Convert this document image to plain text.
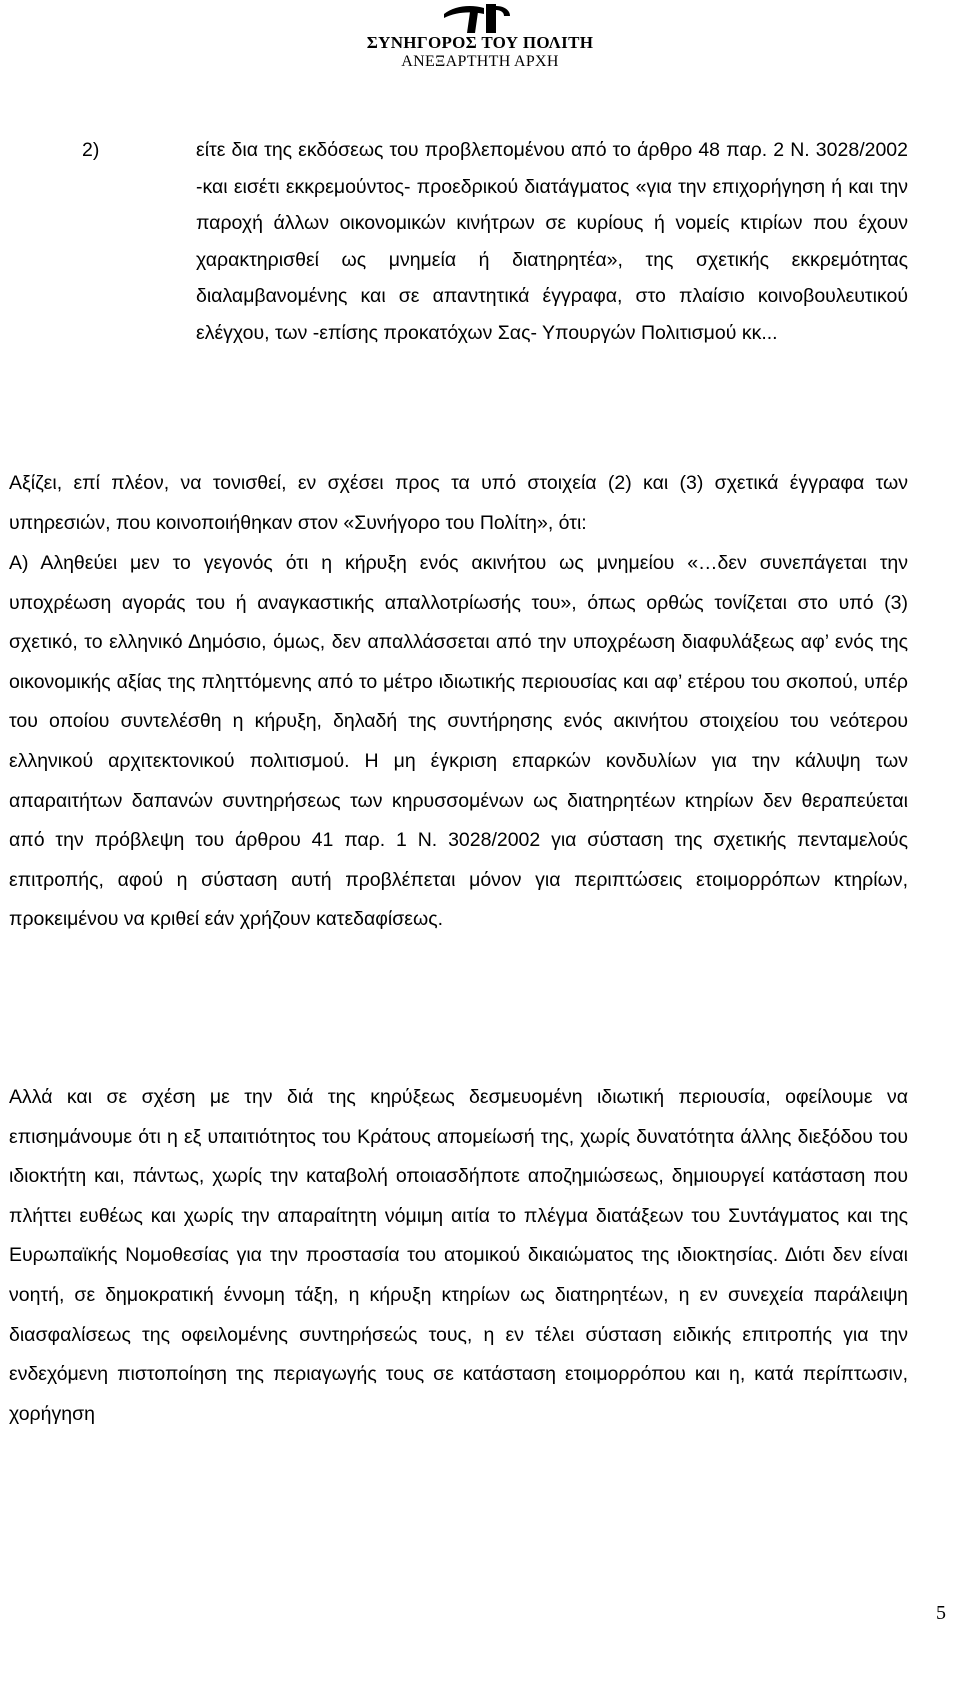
ΣΥΝΗΓΟΡΟΣ ΤΟΥ ΠΟΛΙΤΗ
ΑΝΕΞΑΡΤΗΤΗ ΑΡΧΗ
2)	είτε δια της εκδόσεως του προβλεπομένου από το άρθρο 48 παρ. 2 Ν. 3028/2002 -και εισέτι εκκρεμούντος- προεδρικού διατάγματος «για την επιχορήγηση ή και την παροχή άλλων οικονομικών κινήτρων σε κυρίους ή νομείς κτιρίων που έχουν χαρακτηρισθεί ως μνημεία ή διατηρητέα», της σχετικής εκκρεμότητας διαλαμβανομένης και σε απαντητικά έγγραφα, στο πλαίσιο κοινοβουλευτικού ελέγχου, των -επίσης προκατόχων Σας- Υπουργών Πολιτισμού κκ...
Αξίζει, επί πλέον, να τονισθεί, εν σχέσει προς τα υπό στοιχεία (2) και (3) σχετικά έγγραφα των υπηρεσιών, που κοινοποιήθηκαν στον «Συνήγορο του Πολίτη», ότι:
Α) Αληθεύει μεν το γεγονός ότι η κήρυξη ενός ακινήτου ως μνημείου «…δεν συνεπάγεται την υποχρέωση αγοράς του ή αναγκαστικής απαλλοτρίωσής του», όπως ορθώς τονίζεται στο υπό (3) σχετικό, το ελληνικό Δημόσιο, όμως, δεν απαλλάσσεται από την υποχρέωση διαφυλάξεως αφ’ ενός της οικονομικής αξίας της πληττόμενης από το μέτρο ιδιωτικής περιουσίας και αφ’ ετέρου του σκοπού, υπέρ του οποίου συντελέσθη η κήρυξη, δηλαδή της συντήρησης ενός ακινήτου στοιχείου του νεότερου ελληνικού αρχιτεκτονικού πολιτισμού. Η μη έγκριση επαρκών κονδυλίων για την κάλυψη των απαραιτήτων δαπανών συντηρήσεως των κηρυσσομένων ως διατηρητέων κτηρίων δεν θεραπεύεται από την πρόβλεψη του άρθρου 41 παρ. 1 Ν. 3028/2002 για σύσταση της σχετικής πενταμελούς επιτροπής, αφού η σύσταση αυτή προβλέπεται μόνον για περιπτώσεις ετοιμορρόπων κτηρίων, προκειμένου να κριθεί εάν χρήζουν κατεδαφίσεως.
Αλλά και σε σχέση με την διά της κηρύξεως δεσμευομένη ιδιωτική περιουσία, οφείλουμε να επισημάνουμε ότι η εξ υπαιτιότητος του Κράτους απομείωσή της, χωρίς δυνατότητα άλλης διεξόδου του ιδιοκτήτη και, πάντως, χωρίς την καταβολή οποιασδήποτε αποζημιώσεως, δημιουργεί κατάσταση που πλήττει ευθέως και χωρίς την απαραίτητη νόμιμη αιτία το πλέγμα διατάξεων του Συντάγματος και της Ευρωπαϊκής Νομοθεσίας για την προστασία του ατομικού δικαιώματος της ιδιοκτησίας. Διότι δεν είναι νοητή, σε δημοκρατική έννομη τάξη, η κήρυξη κτηρίων ως διατηρητέων, η εν συνεχεία παράλειψη διασφαλίσεως της οφειλομένης συντηρήσεώς τους, η εν τέλει σύσταση ειδικής επιτροπής για την ενδεχόμενη πιστοποίηση της περιαγωγής τους σε κατάσταση ετοιμορρόπου και η, κατά περίπτωσιν, χορήγηση
5
